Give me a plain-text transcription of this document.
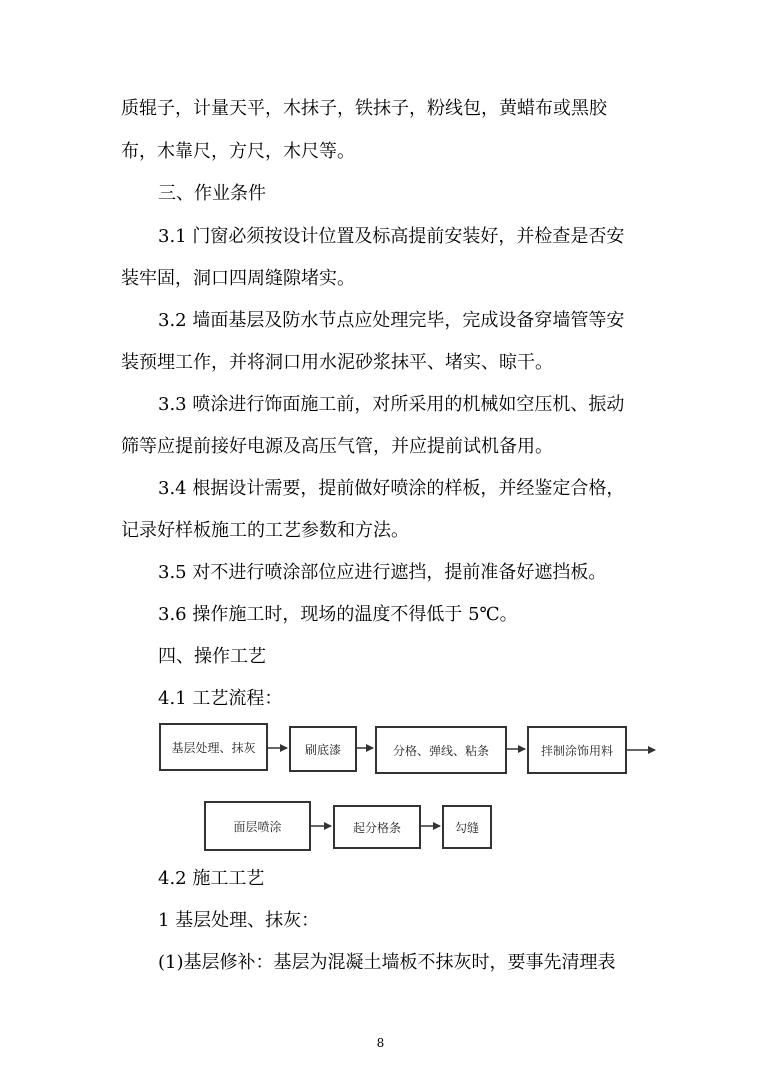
质辊子，计量天平，木抹子，铁抹子，粉线包，黄蜡布或黑胶
布，木靠尺，方尺，木尺等。
三、作业条件
3.1 门窗必须按设计位置及标高提前安装好，并检查是否安
装牢固，洞口四周缝隙堵实。
3.2 墙面基层及防水节点应处理完毕，完成设备穿墙管等安
装预埋工作，并将洞口用水泥砂浆抹平、堵实、晾干。
3.3 喷涂进行饰面施工前，对所采用的机械如空压机、振动
筛等应提前接好电源及高压气管，并应提前试机备用。
3.4 根据设计需要，提前做好喷涂的样板，并经鉴定合格，
记录好样板施工的工艺参数和方法。
3.5 对不进行喷涂部位应进行遮挡，提前准备好遮挡板。
3.6 操作施工时，现场的温度不得低于 5℃。
四、操作工艺
4.1 工艺流程：
基层处理、抹灰	刷底漆	分格、弹线、粘条	拌制涂饰用料
面层喷涂	起分格条	勾缝
4.2 施工工艺
1 基层处理、抹灰：
(1)基层修补：基层为混凝土墙板不抹灰时，要事先清理表
8
